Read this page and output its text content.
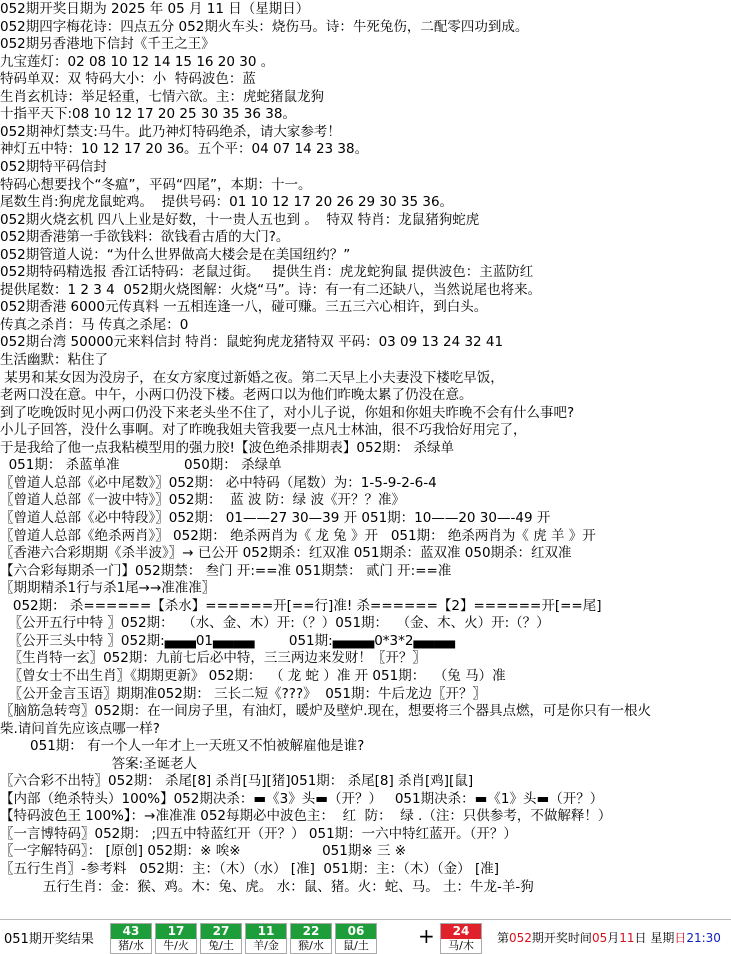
052期开奖日期为 2025 年 05 月 11 日（星期日）
052期四字梅花诗：四点五分 052期火车头：烧伤马。诗：牛死兔伤，二配零四功到成。
052期另香港地下信封《千王之王》
九宝莲灯：02 08 10 12 14 15 16 20 30 。
特码单双：双 特码大小：小  特码波色：蓝
生肖玄机诗：举足轻重，七情六欲。主：虎蛇猪鼠龙狗
十指平天下:08 10 12 17 20 25 30 35 36 38。
052期神灯禁支:马牛。此乃神灯特码绝杀，请大家参考！
神灯五中特：10 12 17 20 36。五个平：04 07 14 23 38。
052期特平码信封
特码心想要找个“冬瘟”，平码“四尾”，本期：十一。
尾数生肖:狗虎龙鼠蛇鸡。  提供号码：01 10 12 17 20 26 29 30 35 36。
052期火烧玄机 四八上业是好数，十一贵人五也到 。  特双 特肖：龙鼠猪狗蛇虎
052期香港第一手欲钱料：欲钱看古盾的大门?。
052期管道人说：“为什么世界做高大楼会是在美国纽约？”
052期特码精选报 香江话特码：老鼠过街。   提供生肖：虎龙蛇狗鼠 提供波色：主蓝防红
提供尾数：1 2 3 4  052期火烧图解：火烧“马”。诗：有一有二还缺八，当然说尾也将来。
052期香港 6000元传真料 一五相连逢一八，碰可赚。三五三六心相许，到白头。
传真之杀肖：马 传真之杀尾：0
052期台湾 50000元来料信封 特肖：鼠蛇狗虎龙猪特双 平码：03 09 13 24 32 41
生活幽默：粘住了
某男和某女因为没房子，在女方家度过新婚之夜。第二天早上小夫妻没下楼吃早饭，
老两口没在意。中午，小两口仍没下楼。老两口以为他们昨晚太累了仍没在意。
到了吃晚饭时见小两口仍没下来老头坐不住了，对小儿子说，你姐和你姐夫昨晚不会有什么事吧?
小儿子回答，没什么事啊。对了昨晚我姐夫管我要一点凡士林油，很不巧我恰好用完了，
于是我给了他一点我粘模型用的强力胶!【波色绝杀排期表】052期： 杀绿单
051期： 杀蓝单准               050期： 杀绿单
〖曾道人总部《必中尾数》〗052期： 必中特码（尾数）为：1-5-9-2-6-4
〖曾道人总部《一波中特》〗052期：  蓝 波 防：绿 波《开？？准》
〖曾道人总部《必中特段》〗052期： 01——27 30—39 开 051期：10——20 30—-49 开
〖曾道人总部《绝杀两肖》〗 052期： 绝杀两肖为《 龙 兔 》开   051期： 绝杀两肖为《 虎 羊 》开
〖香港六合彩期期《杀半波》〗→ 已公开 052期杀：红双准 051期杀：蓝双准 050期杀：红双准
【六合彩每期杀一门】052期禁： 叁门 开:==准 051期禁： 贰门 开:==准
〖期期精杀1行与杀1尾→→准准准〗
052期： 杀======【杀水】======开[==行]准! 杀======【2】======开[==尾]
〖公开五行中特 〗052期：  （水、金、木）开:（？）051期：  （金、木、火）开:（？）
〖公开三头中特 〗052期:▄▄▄01▄▄▄▄        051期:▄▄▄▄0*3*2▄▄▄▄
〖生肖特一玄〗052期：九前七后必中特，三三两边来发财！〖开？〗
〖曾女士不出生肖〗《期期更新》 052期：  （ 龙 蛇 ）准 开 051期：  （兔 马）准
〖公开金言玉语〗期期准052期： 三长二短《???》  051期：牛后龙边〖开？〗
〖脑筋急转弯〗052期：在一间房子里，有油灯，暖炉及壁炉.现在，想要将三个器具点燃，可是你只有一根火
柴.请问首先应该点哪一样?
051期： 有一个人一年才上一天班又不怕被解雇他是谁?
答案:圣诞老人
〖六合彩不出特〗052期： 杀尾[8] 杀肖[马][猪]051期： 杀尾[8] 杀肖[鸡][鼠]
【内部（绝杀特头）100%】052期决杀：▬《3》头▬（开？）   051期决杀：▬《1》头▬（开？）
【特码波色王 100%】：→准准准 052每期必中波色主：  红  防：  绿 .（注：只供参考，不做解释！）
〖一言博特码〗052期： ;四五中特蓝红开（开？） 051期：一六中特红蓝开。（开？）
〖一字解特码〗： [原创] 052期：※ 唉※                   051期※ 三 ※
〖五行生肖〗-参考料   052期：主：（木）（水） [准]  051期：主：（木）（金） [准]
五行生肖：金：猴、鸡。木：兔、虎。 水：鼠、猪。火：蛇、马。 土：牛龙-羊-狗
051期开奖结果
43
猪/水
17
牛/火
27
兔/土
11
羊/金
22
猴/水
06
鼠/土	+	24
马/木
第052期开奖时间05月11日 星期日21:30
